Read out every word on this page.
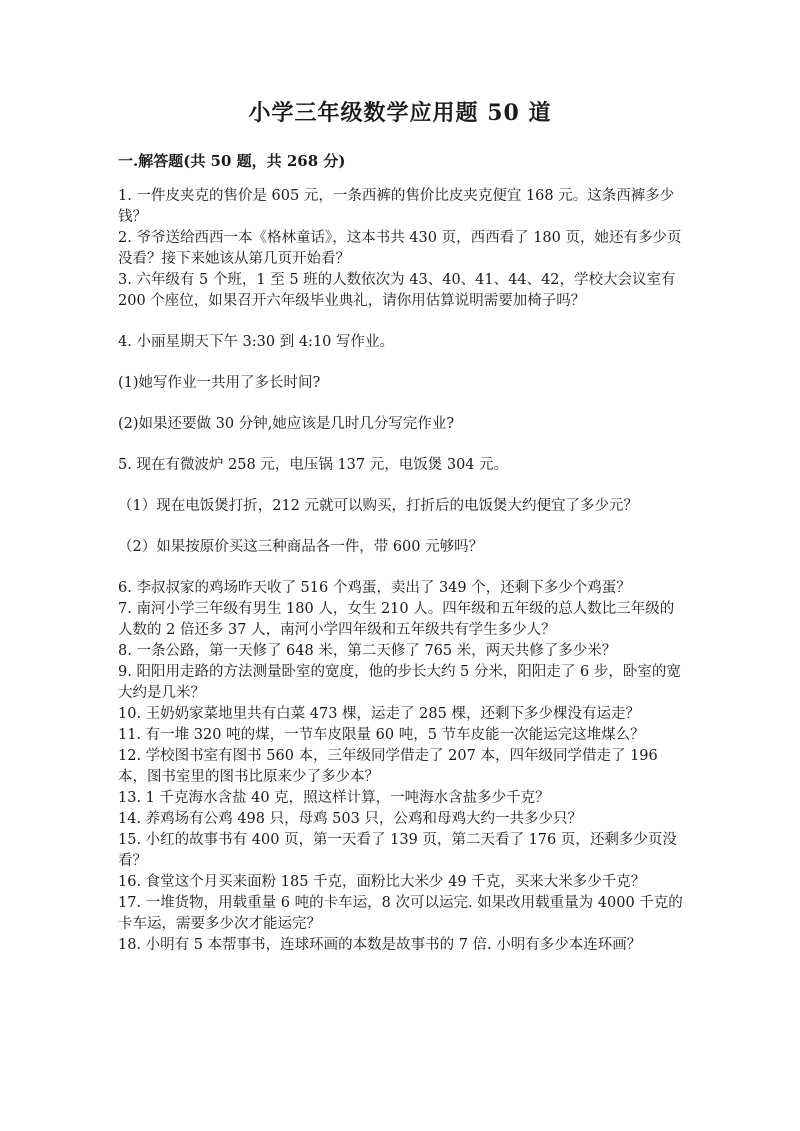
小学三年级数学应用题 50 道
一.解答题(共 50 题，共 268 分)

1. 一件皮夹克的售价是 605 元，一条西裤的售价比皮夹克便宜 168 元。这条西裤多少钱？

2. 爷爷送给西西一本《格林童话》，这本书共 430 页，西西看了 180 页，她还有多少页没看？接下来她该从第几页开始看？

3. 六年级有 5 个班，1 至 5 班的人数依次为 43、40、41、44、42，学校大会议室有 200 个座位，如果召开六年级毕业典礼，请你用估算说明需要加椅子吗？

4. 小丽星期天下午 3:30 到 4:10 写作业。

(1)她写作业一共用了多长时间?

(2)如果还要做 30 分钟,她应该是几时几分写完作业?

5. 现在有微波炉 258 元，电压锅 137 元，电饭煲 304 元。

（1）现在电饭煲打折，212 元就可以购买，打折后的电饭煲大约便宜了多少元？

（2）如果按原价买这三种商品各一件，带 600 元够吗？

6. 李叔叔家的鸡场昨天收了 516 个鸡蛋，卖出了 349 个，还剩下多少个鸡蛋？

7. 南河小学三年级有男生 180 人，女生 210 人。四年级和五年级的总人数比三年级的人数的 2 倍还多 37 人，南河小学四年级和五年级共有学生多少人？

8. 一条公路，第一天修了 648 米，第二天修了 765 米，两天共修了多少米？

9. 阳阳用走路的方法测量卧室的宽度，他的步长大约 5 分米，阳阳走了 6 步，卧室的宽大约是几米？

10. 王奶奶家菜地里共有白菜 473 棵，运走了 285 棵，还剩下多少棵没有运走？

11. 有一堆 320 吨的煤，一节车皮限量 60 吨，5 节车皮能一次能运完这堆煤么？

12. 学校图书室有图书 560 本，三年级同学借走了 207 本，四年级同学借走了 196 本，图书室里的图书比原来少了多少本？

13. 1 千克海水含盐 40 克，照这样计算，一吨海水含盐多少千克？

14. 养鸡场有公鸡 498 只，母鸡 503 只，公鸡和母鸡大约一共多少只？

15. 小红的故事书有 400 页，第一天看了 139 页，第二天看了 176 页，还剩多少页没看？

16. 食堂这个月买来面粉 185 千克，面粉比大米少 49 千克，买来大米多少千克？

17. 一堆货物，用载重量 6 吨的卡车运，8 次可以运完. 如果改用载重量为 4000 千克的卡车运，需要多少次才能运完？

18. 小明有 5 本帮事书，连球环画的本数是故事书的 7 倍. 小明有多少本连环画？
